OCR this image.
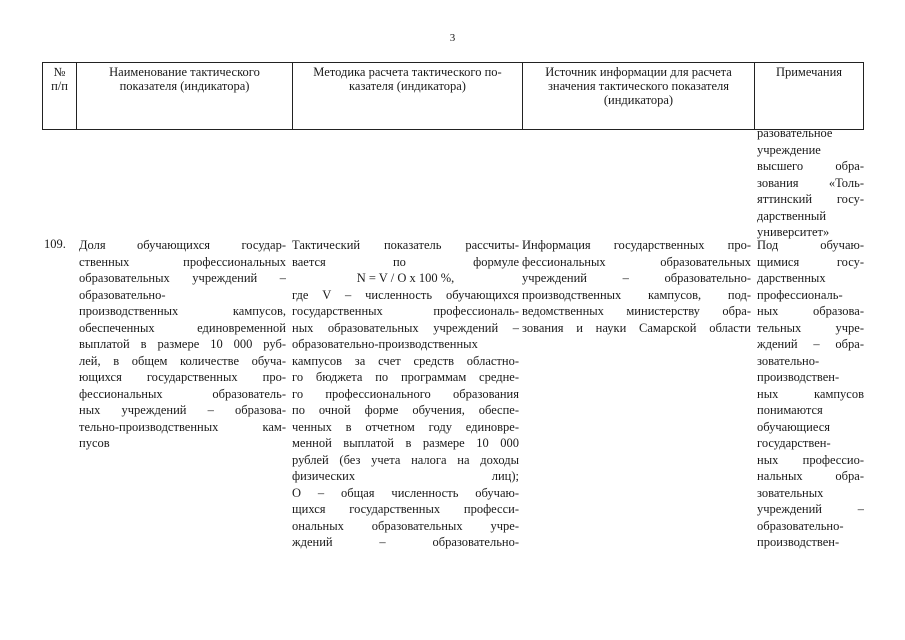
3
№
п/п
Наименование тактического
показателя (индикатора)
Методика расчета тактического по-
казателя (индикатора)
Источник информации для расчета
значения тактического показателя
(индикатора)
Примечания
разовательное
учреждение
высшего обра-
зования «Толь-
яттинский госу-
дарственный
университет»
109. Доля обучающихся государ-
ственных профессиональных
образовательных учреждений –
образовательно-
производственных кампусов,
обеспеченных единовременной
выплатой в размере 10 000 руб-
лей, в общем количестве обуча-
ющихся государственных про-
фессиональных образователь-
ных учреждений – образова-
тельно-производственных кам-
пусов
Тактический показатель рассчиты-
вается по формуле
N = V / O x 100 %,
где V – численность обучающихся
государственных профессиональ-
ных образовательных учреждений –
образовательно-производственных
кампусов за счет средств областно-
го бюджета по программам средне-
го профессионального образования
по очной форме обучения, обеспе-
ченных в отчетном году единовре-
менной выплатой в размере 10 000
рублей (без учета налога на доходы
физических лиц);
О – общая численность обучаю-
щихся государственных професси-
ональных образовательных учре-
ждений – образовательно-
Информация государственных про-
фессиональных образовательных
учреждений – образовательно-
производственных кампусов, под-
ведомственных министерству обра-
зования и науки Самарской области
Под обучаю-
щимися госу-
дарственных
профессиональ-
ных образова-
тельных учре-
ждений – обра-
зовательно-
производствен-
ных кампусов
понимаются
обучающиеся
государствен-
ных профессио-
нальных обра-
зовательных
учреждений –
образовательно-
производствен-
